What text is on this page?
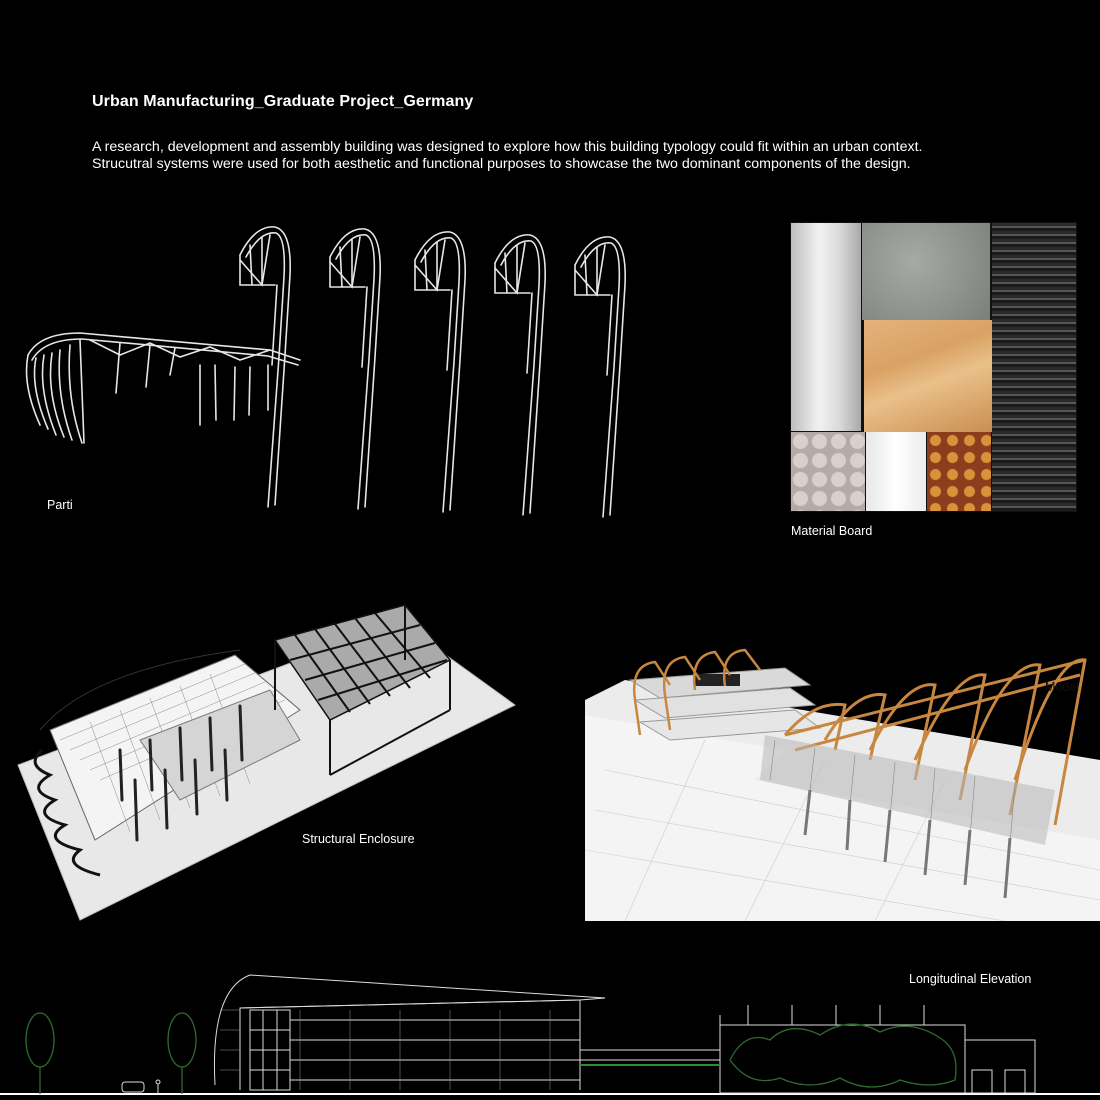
Urban Manufacturing_Graduate Project_Germany
A research, development and assembly building was designed to explore how this building typology could fit within an urban context.
Strucutral systems were used for both aesthetic and functional purposes to showcase the two dominant components of the design.
Parti
Material Board
Structural Enclosure
Model
Longitudinal Elevation
